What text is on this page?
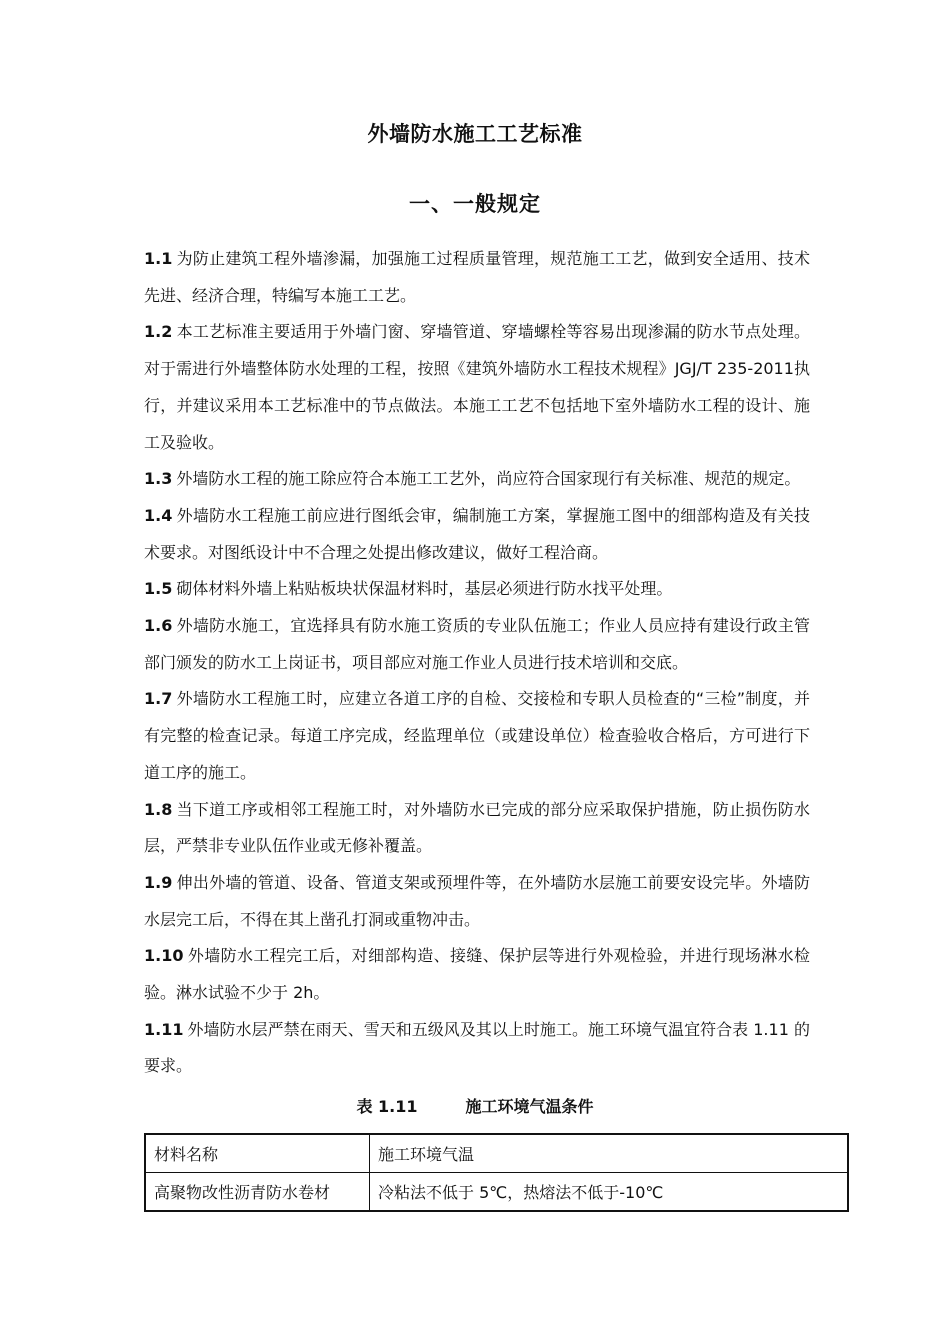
外墙防水施工工艺标准
一、一般规定

1.1 为防止建筑工程外墙渗漏，加强施工过程质量管理，规范施工工艺，做到安全适用、技术先进、经济合理，特编写本施工工艺。

1.2 本工艺标准主要适用于外墙门窗、穿墙管道、穿墙螺栓等容易出现渗漏的防水节点处理。对于需进行外墙整体防水处理的工程，按照《建筑外墙防水工程技术规程》JGJ/T 235-2011执行，并建议采用本工艺标准中的节点做法。本施工工艺不包括地下室外墙防水工程的设计、施工及验收。

1.3 外墙防水工程的施工除应符合本施工工艺外，尚应符合国家现行有关标准、规范的规定。

1.4 外墙防水工程施工前应进行图纸会审，编制施工方案，掌握施工图中的细部构造及有关技术要求。对图纸设计中不合理之处提出修改建议，做好工程洽商。

1.5 砌体材料外墙上粘贴板块状保温材料时，基层必须进行防水找平处理。

1.6 外墙防水施工，宜选择具有防水施工资质的专业队伍施工；作业人员应持有建设行政主管部门颁发的防水工上岗证书，项目部应对施工作业人员进行技术培训和交底。

1.7 外墙防水工程施工时，应建立各道工序的自检、交接检和专职人员检查的“三检”制度，并有完整的检查记录。每道工序完成，经监理单位（或建设单位）检查验收合格后，方可进行下道工序的施工。

1.8 当下道工序或相邻工程施工时，对外墙防水已完成的部分应采取保护措施，防止损伤防水层，严禁非专业队伍作业或无修补覆盖。

1.9 伸出外墙的管道、设备、管道支架或预埋件等，在外墙防水层施工前要安设完毕。外墙防水层完工后，不得在其上凿孔打洞或重物冲击。

1.10 外墙防水工程完工后，对细部构造、接缝、保护层等进行外观检验，并进行现场淋水检验。淋水试验不少于 2h。

1.11 外墙防水层严禁在雨天、雪天和五级风及其以上时施工。施工环境气温宜符合表 1.11 的要求。

表 1.11	施工环境气温条件
材料名称	施工环境气温
高聚物改性沥青防水卷材	冷粘法不低于 5℃，热熔法不低于-10℃
